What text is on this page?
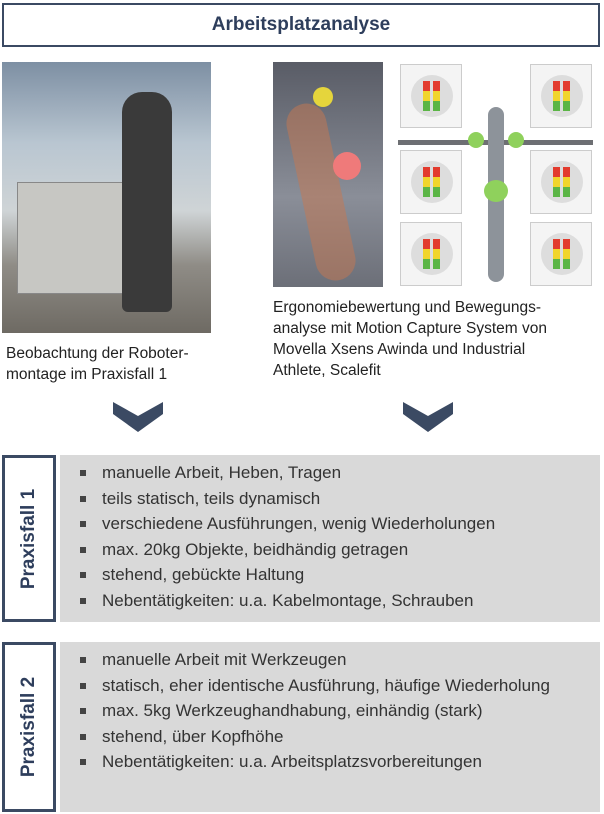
Arbeitsplatzanalyse
Beobachtung der Roboter-
montage im Praxisfall 1
Ergonomiebewertung und Bewegungs-
analyse mit Motion Capture System von
Movella Xsens Awinda und Industrial
Athlete, Scalefit
Praxisfall 1
manuelle Arbeit, Heben, Tragen
teils statisch, teils dynamisch
verschiedene Ausführungen, wenig Wiederholungen
max. 20kg Objekte, beidhändig getragen
stehend, gebückte Haltung
Nebentätigkeiten: u.a. Kabelmontage, Schrauben
Praxisfall 2
manuelle Arbeit mit Werkzeugen
statisch, eher identische Ausführung, häufige Wiederholung
max. 5kg Werkzeughandhabung, einhändig (stark)
stehend, über Kopfhöhe
Nebentätigkeiten: u.a. Arbeitsplatzsvorbereitungen
